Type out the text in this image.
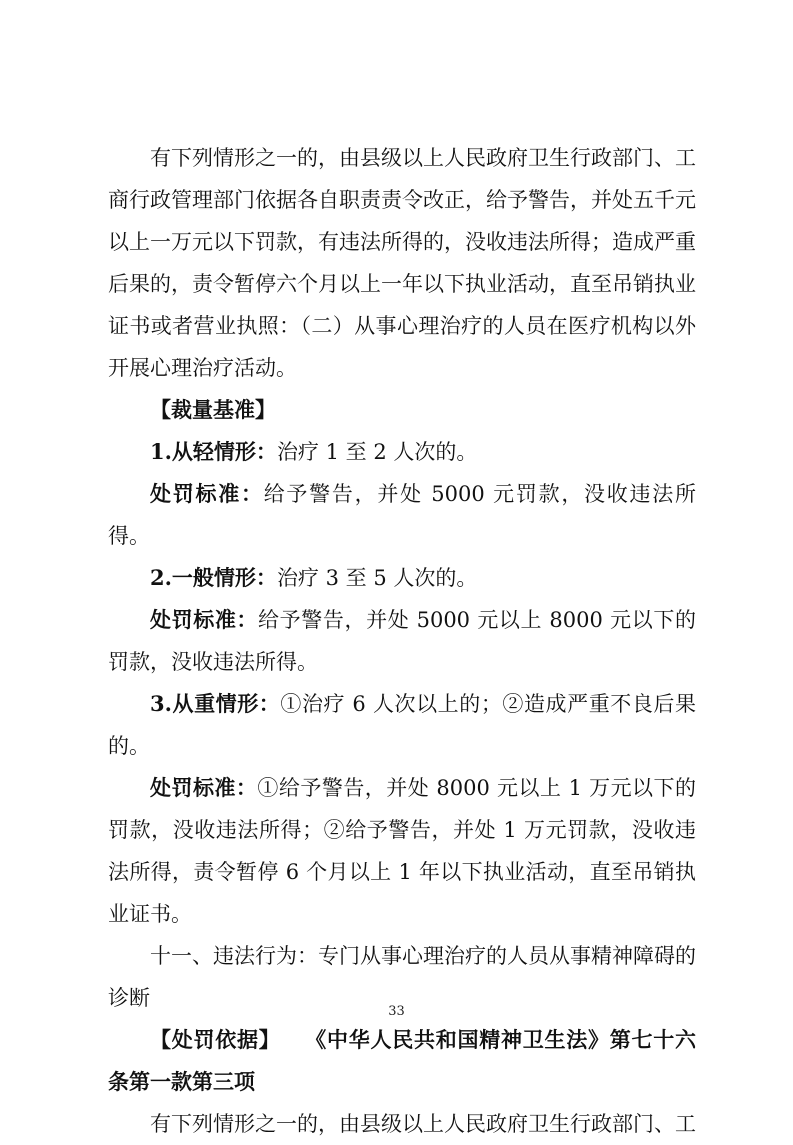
有下列情形之一的，由县级以上人民政府卫生行政部门、工商行政管理部门依据各自职责责令改正，给予警告，并处五千元以上一万元以下罚款，有违法所得的，没收违法所得；造成严重后果的，责令暂停六个月以上一年以下执业活动，直至吊销执业证书或者营业执照：（二）从事心理治疗的人员在医疗机构以外开展心理治疗活动。

【裁量基准】

1.从轻情形：治疗 1 至 2 人次的。

处罚标准：给予警告，并处 5000 元罚款，没收违法所得。

2.一般情形：治疗 3 至 5 人次的。

处罚标准：给予警告，并处 5000 元以上 8000 元以下的罚款，没收违法所得。

3.从重情形：①治疗 6 人次以上的；②造成严重不良后果的。

处罚标准：①给予警告，并处 8000 元以上 1 万元以下的罚款，没收违法所得；②给予警告，并处 1 万元罚款，没收违法所得，责令暂停 6 个月以上 1 年以下执业活动，直至吊销执业证书。

十一、违法行为：专门从事心理治疗的人员从事精神障碍的诊断

【处罚依据】 《中华人民共和国精神卫生法》第七十六条第一款第三项

有下列情形之一的，由县级以上人民政府卫生行政部门、工

33
